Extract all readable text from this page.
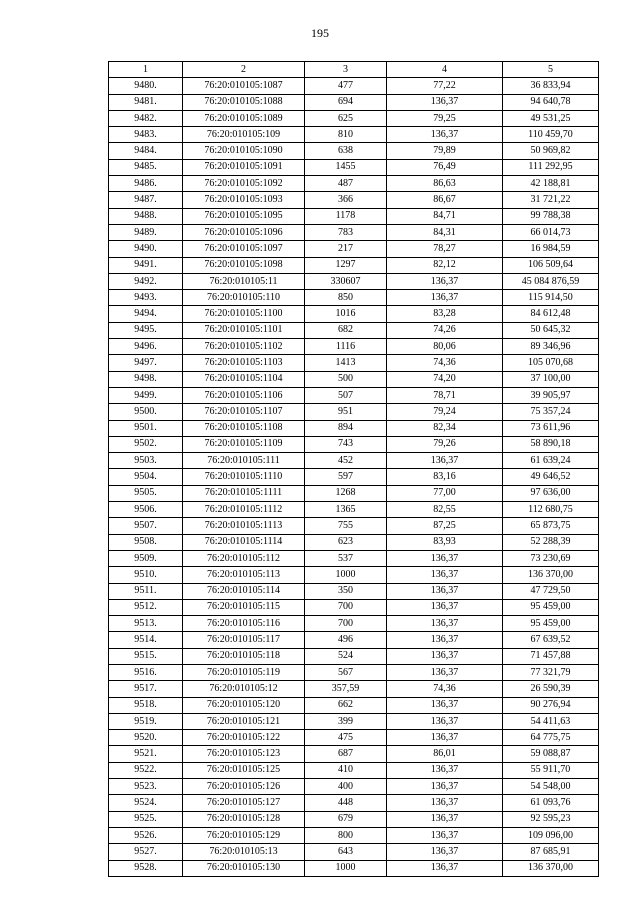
195
1	2	3	4	5
9480.	76:20:010105:1087	477	77,22	36 833,94
9481.	76:20:010105:1088	694	136,37	94 640,78
9482.	76:20:010105:1089	625	79,25	49 531,25
9483.	76:20:010105:109	810	136,37	110 459,70
9484.	76:20:010105:1090	638	79,89	50 969,82
9485.	76:20:010105:1091	1455	76,49	111 292,95
9486.	76:20:010105:1092	487	86,63	42 188,81
9487.	76:20:010105:1093	366	86,67	31 721,22
9488.	76:20:010105:1095	1178	84,71	99 788,38
9489.	76:20:010105:1096	783	84,31	66 014,73
9490.	76:20:010105:1097	217	78,27	16 984,59
9491.	76:20:010105:1098	1297	82,12	106 509,64
9492.	76:20:010105:11	330607	136,37	45 084 876,59
9493.	76:20:010105:110	850	136,37	115 914,50
9494.	76:20:010105:1100	1016	83,28	84 612,48
9495.	76:20:010105:1101	682	74,26	50 645,32
9496.	76:20:010105:1102	1116	80,06	89 346,96
9497.	76:20:010105:1103	1413	74,36	105 070,68
9498.	76:20:010105:1104	500	74,20	37 100,00
9499.	76:20:010105:1106	507	78,71	39 905,97
9500.	76:20:010105:1107	951	79,24	75 357,24
9501.	76:20:010105:1108	894	82,34	73 611,96
9502.	76:20:010105:1109	743	79,26	58 890,18
9503.	76:20:010105:111	452	136,37	61 639,24
9504.	76:20:010105:1110	597	83,16	49 646,52
9505.	76:20:010105:1111	1268	77,00	97 636,00
9506.	76:20:010105:1112	1365	82,55	112 680,75
9507.	76:20:010105:1113	755	87,25	65 873,75
9508.	76:20:010105:1114	623	83,93	52 288,39
9509.	76:20:010105:112	537	136,37	73 230,69
9510.	76:20:010105:113	1000	136,37	136 370,00
9511.	76:20:010105:114	350	136,37	47 729,50
9512.	76:20:010105:115	700	136,37	95 459,00
9513.	76:20:010105:116	700	136,37	95 459,00
9514.	76:20:010105:117	496	136,37	67 639,52
9515.	76:20:010105:118	524	136,37	71 457,88
9516.	76:20:010105:119	567	136,37	77 321,79
9517.	76:20:010105:12	357,59	74,36	26 590,39
9518.	76:20:010105:120	662	136,37	90 276,94
9519.	76:20:010105:121	399	136,37	54 411,63
9520.	76:20:010105:122	475	136,37	64 775,75
9521.	76:20:010105:123	687	86,01	59 088,87
9522.	76:20:010105:125	410	136,37	55 911,70
9523.	76:20:010105:126	400	136,37	54 548,00
9524.	76:20:010105:127	448	136,37	61 093,76
9525.	76:20:010105:128	679	136,37	92 595,23
9526.	76:20:010105:129	800	136,37	109 096,00
9527.	76:20:010105:13	643	136,37	87 685,91
9528.	76:20:010105:130	1000	136,37	136 370,00
